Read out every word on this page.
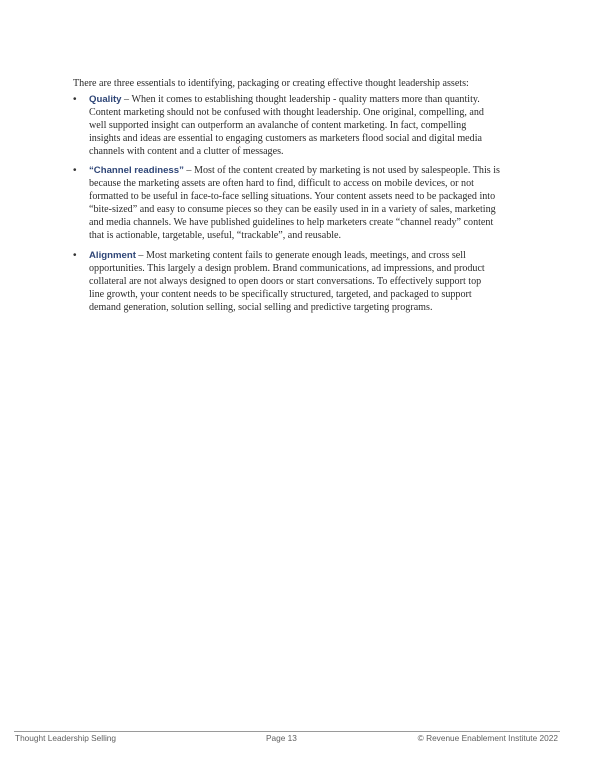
There are three essentials to identifying, packaging or creating effective thought leadership assets:

• Quality – When it comes to establishing thought leadership - quality matters more than quantity.
Content marketing should not be confused with thought leadership. One original, compelling, and
well supported insight can outperform an avalanche of content marketing. In fact, compelling
insights and ideas are essential to engaging customers as marketers flood social and digital media
channels with content and a clutter of messages.
• “Channel readiness” – Most of the content created by marketing is not used by salespeople. This is
because the marketing assets are often hard to find, difficult to access on mobile devices, or not
formatted to be useful in face-to-face selling situations. Your content assets need to be packaged into
“bite-sized” and easy to consume pieces so they can be easily used in in a variety of sales, marketing
and media channels. We have published guidelines to help marketers create “channel ready” content
that is actionable, targetable, useful, “trackable”, and reusable.
• Alignment – Most marketing content fails to generate enough leads, meetings, and cross sell
opportunities. This largely a design problem. Brand communications, ad impressions, and product
collateral are not always designed to open doors or start conversations. To effectively support top
line growth, your content needs to be specifically structured, targeted, and packaged to support
demand generation, solution selling, social selling and predictive targeting programs.
Thought Leadership Selling	Page 13	© Revenue Enablement Institute 2022
